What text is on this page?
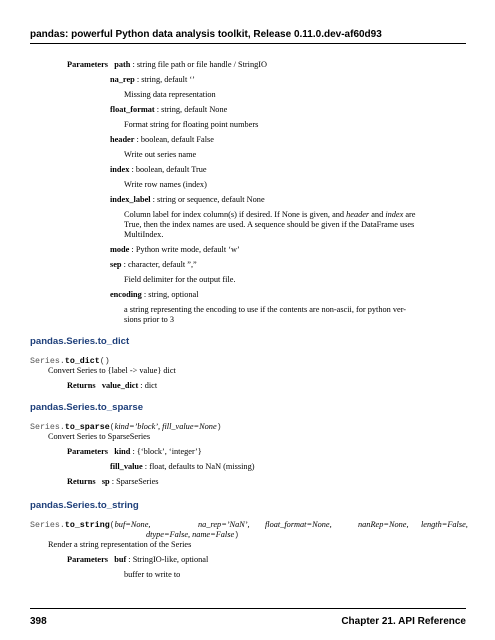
pandas: powerful Python data analysis toolkit, Release 0.11.0.dev-af60d93
Parameters path : string file path or file handle / StringIO
na_rep : string, default ‘’
Missing data representation
float_format : string, default None
Format string for floating point numbers
header : boolean, default False
Write out series name
index : boolean, default True
Write row names (index)
index_label : string or sequence, default None
Column label for index column(s) if desired. If None is given, and header and index are
True, then the index names are used. A sequence should be given if the DataFrame uses
MultiIndex.
mode : Python write mode, default ‘w’
sep : character, default ”,”
Field delimiter for the output file.
encoding : string, optional
a string representing the encoding to use if the contents are non-ascii, for python ver-
sions prior to 3
pandas.Series.to_dict
Series.to_dict()
Convert Series to {label -> value} dict
Returns value_dict : dict
pandas.Series.to_sparse
Series.to_sparse(kind=’block’, fill_value=None)
Convert Series to SparseSeries
Parameters kind : {‘block’, ‘integer’}
fill_value : float, defaults to NaN (missing)
Returns sp : SparseSeries
pandas.Series.to_string
Series.to_string(buf=None,	na_rep=’NaN’, float_format=None,	nanRep=None, length=False,
dtype=False, name=False)
Render a string representation of the Series
Parameters buf : StringIO-like, optional
buffer to write to
398	Chapter 21. API Reference
